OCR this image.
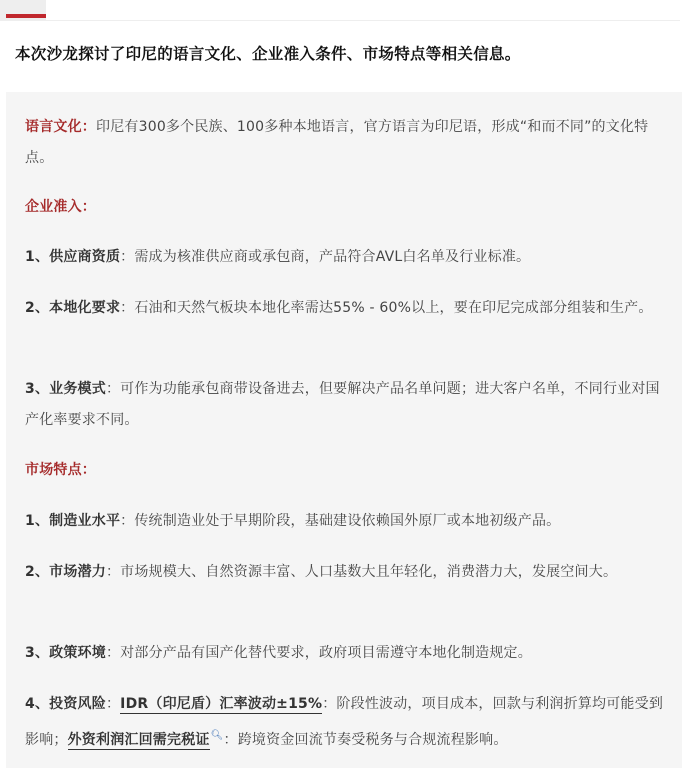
本次沙龙探讨了印尼的语言文化、企业准入条件、市场特点等相关信息。
语言文化：印尼有300多个民族、100多种本地语言，官方语言为印尼语，形成“和而不同”的文化特点。
企业准入：
1、供应商资质：需成为核准供应商或承包商，产品符合AVL白名单及行业标准。
2、本地化要求：石油和天然气板块本地化率需达55% - 60%以上，要在印尼完成部分组装和生产。
3、业务模式：可作为功能承包商带设备进去，但要解决产品名单问题；进大客户名单，不同行业对国产化率要求不同。
市场特点：
1、制造业水平：传统制造业处于早期阶段，基础建设依赖国外原厂或本地初级产品。
2、市场潜力：市场规模大、自然资源丰富、人口基数大且年轻化，消费潜力大，发展空间大。
3、政策环境：对部分产品有国产化替代要求，政府项目需遵守本地化制造规定。
4、投资风险：IDR（印尼盾）汇率波动±15%：阶段性波动，项目成本，回款与利润折算均可能受到影响；外资利润汇回需完税证🔍︎：跨境资金回流节奏受税务与合规流程影响。
